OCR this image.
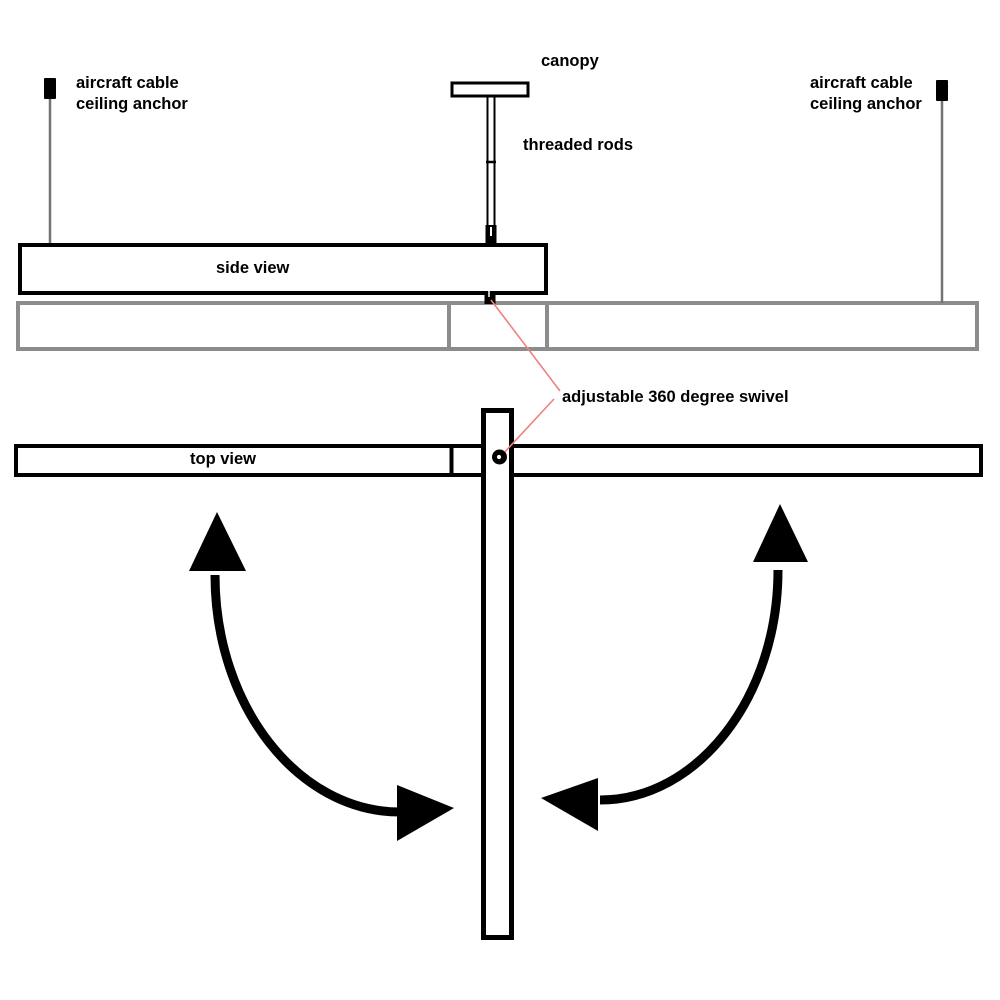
aircraft cable
ceiling anchor
aircraft cable
ceiling anchor
canopy
threaded rods
side view
adjustable 360 degree swivel
top view
